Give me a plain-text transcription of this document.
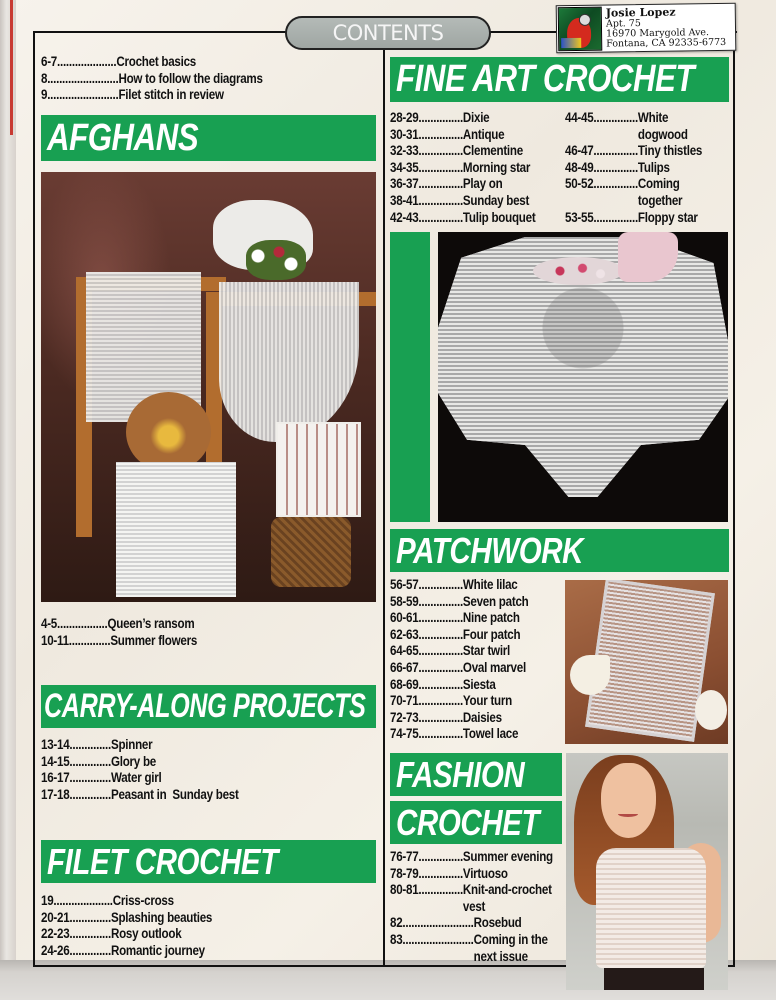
CONTENTS
Josie Lopez
Apt. 75
16970 Marygold Ave.
Fontana, CA 92335-6773
6-7 .................... Crochet basics
8 ........................ How to follow the diagrams
9 ........................ Filet stitch in review
AFGHANS
4-5 ................. Queen’s ransom
10-11 .............. Summer flowers
CARRY-ALONG PROJECTS
13-14 .............. Spinner
14-15 .............. Glory be
16-17 .............. Water girl
17-18 .............. Peasant in  Sunday best
FILET CROCHET
19 .................... Criss-cross
20-21 .............. Splashing beauties
22-23 .............. Rosy outlook
24-26 .............. Romantic journey
FINE ART CROCHET
28-29 ............... Dixie
30-31 ............... Antique
32-33 ............... Clementine
34-35 ............... Morning star
36-37 ............... Play on
38-41 ............... Sunday best
42-43 ............... Tulip bouquet
44-45 ............... White
dogwood
46-47 ............... Tiny thistles
48-49 ............... Tulips
50-52 ............... Coming
together
53-55 ............... Floppy star
PATCHWORK
56-57 ............... White lilac
58-59 ............... Seven patch
60-61 ............... Nine patch
62-63 ............... Four patch
64-65 ............... Star twirl
66-67 ............... Oval marvel
68-69 ............... Siesta
70-71 ............... Your turn
72-73 ............... Daisies
74-75 ............... Towel lace
FASHION
CROCHET
76-77 ............... Summer evening
78-79 ............... Virtuoso
80-81 ............... Knit-and-crochet
vest
82 ........................ Rosebud
83 ........................ Coming in the
next issue
